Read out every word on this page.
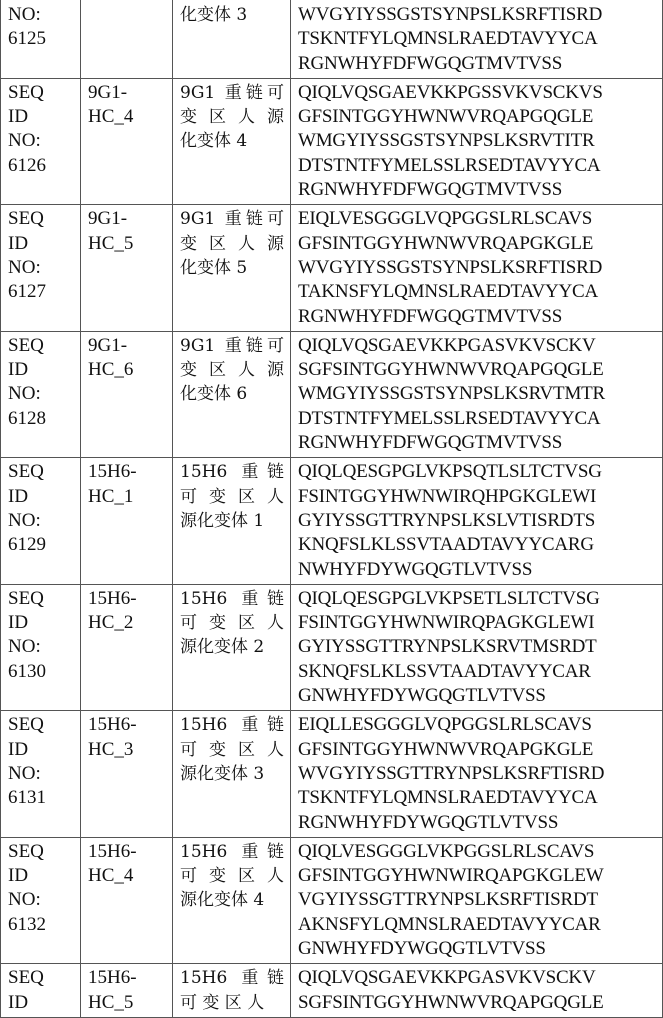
NO:
6125

化变体 3	WVGYIYSSGSTSYNPSLKSRFTISRD
TSKNTFYLQMNSLRAEDTAVYYCA
RGNWHYFDFWGQGTMVTVSS

SEQ
ID
NO:
6126

9G1-
HC_4

9G1 重链可
变 区 人 源
化变体 4

QIQLVQSGAEVKKPGSSVKVSCKVS
GFSINTGGYHWNWVRQAPGQGLE
WMGYIYSSGSTSYNPSLKSRVTITR
DTSTNTFYMELSSLRSEDTAVYYCA
RGNWHYFDFWGQGTMVTVSS

SEQ
ID
NO:
6127

9G1-
HC_5

9G1 重链可
变 区 人 源
化变体 5

EIQLVESGGGLVQPGGSLRLSCAVS
GFSINTGGYHWNWVRQAPGKGLE
WVGYIYSSGSTSYNPSLKSRFTISRD
TAKNSFYLQMNSLRAEDTAVYYCA
RGNWHYFDFWGQGTMVTVSS

SEQ
ID
NO:
6128

9G1-
HC_6

9G1 重链可
变 区 人 源
化变体 6

QIQLVQSGAEVKKPGASVKVSCKV
SGFSINTGGYHWNWVRQAPGQGLE
WMGYIYSSGSTSYNPSLKSRVTMTR
DTSTNTFYMELSSLRSEDTAVYYCA
RGNWHYFDFWGQGTMVTVSS

SEQ
ID
NO:
6129

15H6-
HC_1

15H6 重链
可 变 区 人
源化变体 1

QIQLQESGPGLVKPSQTLSLTCTVSG
FSINTGGYHWNWIRQHPGKGLEWI
GYIYSSGTTRYNPSLKSLVTISRDTS
KNQFSLKLSSVTAADTAVYYCARG
NWHYFDYWGQGTLVTVSS

SEQ
ID
NO:
6130

15H6-
HC_2

15H6 重链
可 变 区 人
源化变体 2

QIQLQESGPGLVKPSETLSLTCTVSG
FSINTGGYHWNWIRQPAGKGLEWI
GYIYSSGTTRYNPSLKSRVTMSRDT
SKNQFSLKLSSVTAADTAVYYCAR
GNWHYFDYWGQGTLVTVSS

SEQ
ID
NO:
6131

15H6-
HC_3

15H6 重链
可 变 区 人
源化变体 3

EIQLLESGGGLVQPGGSLRLSCAVS
GFSINTGGYHWNWVRQAPGKGLE
WVGYIYSSGTTRYNPSLKSRFTISRD
TSKNTFYLQMNSLRAEDTAVYYCA
RGNWHYFDYWGQGTLVTVSS

SEQ
ID
NO:
6132

15H6-
HC_4

15H6 重链
可 变 区 人
源化变体 4

QIQLVESGGGLVKPGGSLRLSCAVS
GFSINTGGYHWNWIRQAPGKGLEW
VGYIYSSGTTRYNPSLKSRFTISRDT
AKNSFYLQMNSLRAEDTAVYYCAR
GNWHYFDYWGQGTLVTVSS

SEQ
ID

15H6-
HC_5

15H6 重链
可 变 区 人

QIQLVQSGAEVKKPGASVKVSCKV
SGFSINTGGYHWNWVRQAPGQGLE
